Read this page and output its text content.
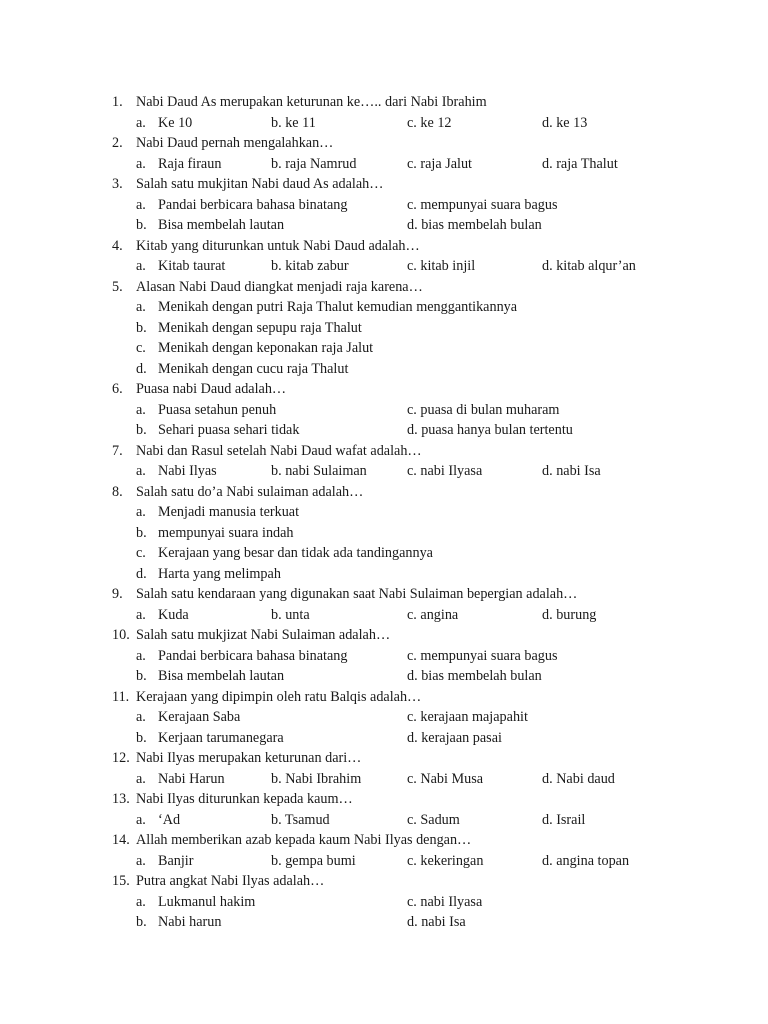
1. Nabi Daud As merupakan keturunan ke….. dari Nabi Ibrahim
a. Ke 10	b. ke 11	c. ke 12	d. ke 13
2. Nabi Daud pernah mengalahkan…
a. Raja firaun	b. raja Namrud	c. raja Jalut	d. raja Thalut
3. Salah satu mukjitan Nabi daud As adalah…
a. Pandai berbicara bahasa binatang	c. mempunyai suara bagus
b. Bisa membelah lautan	d. bias membelah bulan
4. Kitab yang diturunkan untuk Nabi Daud adalah…
a. Kitab taurat	b. kitab zabur	c. kitab injil	d. kitab alqur’an
5. Alasan Nabi Daud diangkat menjadi raja karena…
a. Menikah dengan putri Raja Thalut kemudian menggantikannya
b. Menikah dengan sepupu raja Thalut
c. Menikah dengan keponakan raja Jalut
d. Menikah dengan cucu raja Thalut
6. Puasa nabi Daud adalah…
a. Puasa setahun penuh	c. puasa di bulan muharam
b. Sehari puasa sehari tidak	d. puasa hanya bulan tertentu
7. Nabi dan Rasul setelah Nabi Daud wafat adalah…
a. Nabi Ilyas	b. nabi Sulaiman	c. nabi Ilyasa	d. nabi Isa
8. Salah satu do’a Nabi sulaiman adalah…
a. Menjadi manusia terkuat
b. mempunyai suara indah
c. Kerajaan yang besar dan tidak ada tandingannya
d. Harta yang melimpah
9. Salah satu kendaraan yang digunakan saat Nabi Sulaiman bepergian adalah…
a. Kuda	b. unta	c. angina	d. burung
10. Salah satu mukjizat Nabi Sulaiman adalah…
a. Pandai berbicara bahasa binatang	c. mempunyai suara bagus
b. Bisa membelah lautan	d. bias membelah bulan
11. Kerajaan yang dipimpin oleh ratu Balqis adalah…
a. Kerajaan Saba	c. kerajaan majapahit
b. Kerjaan tarumanegara	d. kerajaan pasai
12. Nabi Ilyas merupakan keturunan dari…
a. Nabi Harun	b. Nabi Ibrahim	c. Nabi Musa	d. Nabi daud
13. Nabi Ilyas diturunkan kepada kaum…
a. ‘Ad	b. Tsamud	c. Sadum	d. Israil
14. Allah memberikan azab kepada kaum Nabi Ilyas dengan…
a. Banjir	b. gempa bumi	c. kekeringan	d. angina topan
15. Putra angkat Nabi Ilyas adalah…
a. Lukmanul hakim	c. nabi Ilyasa
b. Nabi harun	d. nabi Isa
